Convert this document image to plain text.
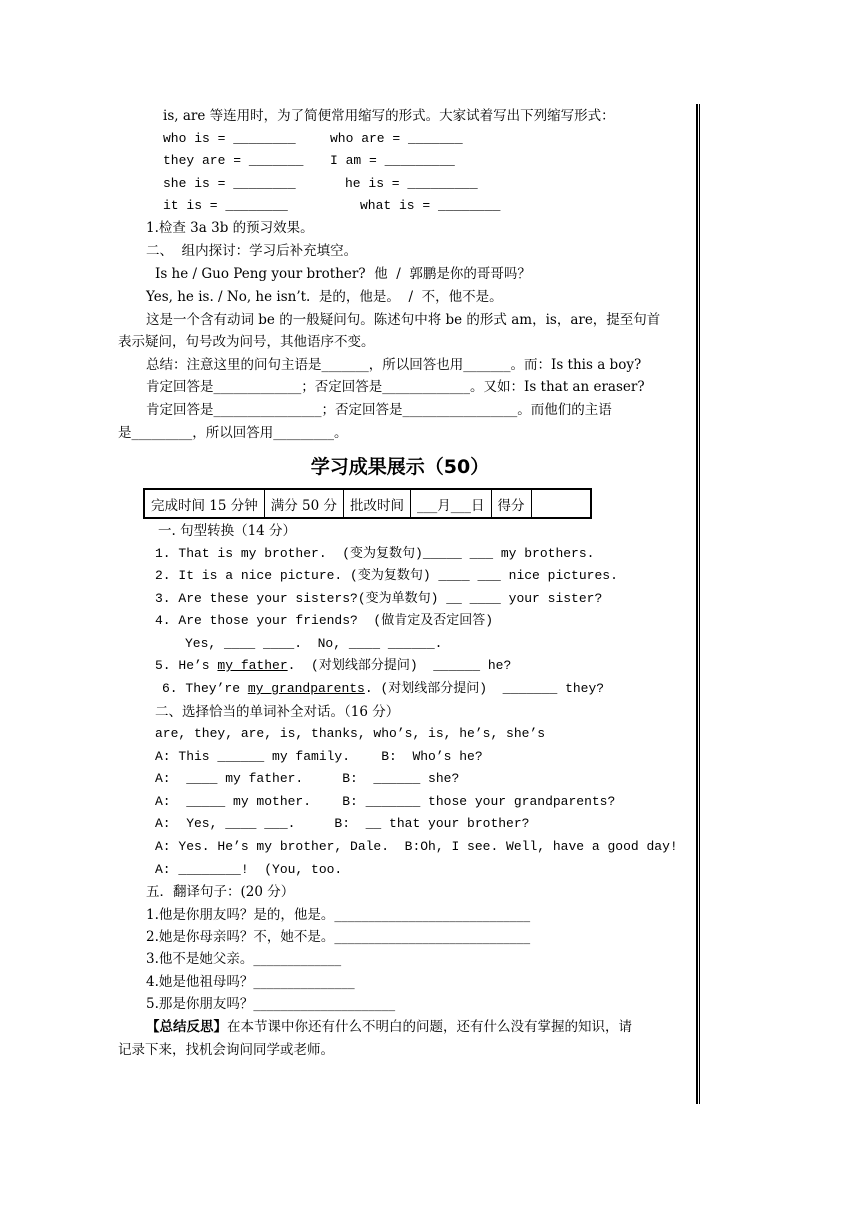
is, are 等连用时，为了简便常用缩写的形式。大家试着写出下列缩写形式：
who is = ________	who are = _______
they are = _______ I am = _________
she is = ________	he is = _________
it is = ________	what is = ________
1.检查 3a 3b 的预习效果。
二、  组内探讨：学习后补充填空。
Is he / Guo Peng your brother?  他  /  郭鹏是你的哥哥吗？
Yes, he is. / No, he isn’t.  是的，他是。  /  不，他不是。
这是一个含有动词 be 的一般疑问句。陈述句中将 be 的形式 am，is，are，提至句首
表示疑问，句号改为问号，其他语序不变。
总结：注意这里的问句主语是_______，所以回答也用_______。而：Is this a boy?
肯定回答是_____________；否定回答是_____________。又如：Is that an eraser?
肯定回答是________________；否定回答是_________________。而他们的主语
是_________，所以回答用_________。
学习成果展示（50）
完成时间 15 分钟	满分 50 分	批改时间	___月___日	得分	
一. 句型转换（14 分）
1. That is my brother.  (变为复数句)_____ ___ my brothers.
2. It is a nice picture. (变为复数句) ____ ___ nice pictures.
3. Are these your sisters?(变为单数句) __ ____ your sister?
4. Are those your friends?  (做肯定及否定回答)
Yes, ____ ____.  No, ____ ______.
5. He’s my father.  (对划线部分提问)  ______ he?
6. They’re my grandparents. (对划线部分提问)  _______ they?
二、选择恰当的单词补全对话。（16 分）
are, they, are, is, thanks, who’s, is, he’s, she’s
A: This ______ my family.    B:  Who’s he?
A:  ____ my father.     B:  ______ she?
A:  _____ my mother.    B: _______ those your grandparents?
A:  Yes, ____ ___.     B:  __ that your brother?
A: Yes. He’s my brother, Dale.  B:Oh, I see. Well, have a good day!
A: ________!  (You, too.
五．翻译句子：(20 分）
1.他是你朋友吗？是的，他是。_____________________________
2.她是你母亲吗？不，她不是。_____________________________
3.他不是她父亲。_____________
4.她是他祖母吗？_______________
5.那是你朋友吗？_____________________
【总结反思】在本节课中你还有什么不明白的问题，还有什么没有掌握的知识，请
记录下来，找机会询问同学或老师。
